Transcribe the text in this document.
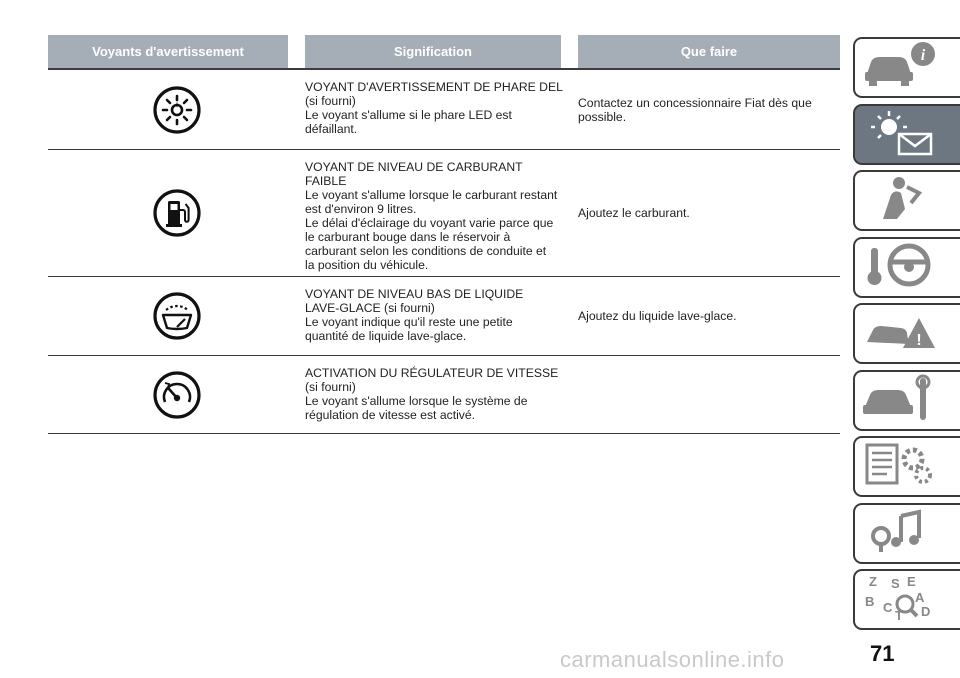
Voyants d'avertissement	Signification	Que faire
!
VOYANT D'AVERTISSEMENT DE PHARE DEL
(si fourni)
Le voyant s'allume si le phare LED est
défaillant.
Contactez un concessionnaire Fiat dès que possible.
VOYANT DE NIVEAU DE CARBURANT
FAIBLE
Le voyant s'allume lorsque le carburant restant
est d'environ 9 litres.
Le délai d'éclairage du voyant varie parce que
le carburant bouge dans le réservoir à
carburant selon les conditions de conduite et
la position du véhicule.
Ajoutez le carburant.
VOYANT DE NIVEAU BAS DE LIQUIDE
LAVE-GLACE (si fourni)
Le voyant indique qu'il reste une petite
quantité de liquide lave-glace.
Ajoutez du liquide lave-glace.
ACTIVATION DU RÉGULATEUR DE VITESSE
(si fourni)
Le voyant s'allume lorsque le système de
régulation de vitesse est activé.
i
!
Z E
S
B C
A
D
T
71
carmanualsonline.info
